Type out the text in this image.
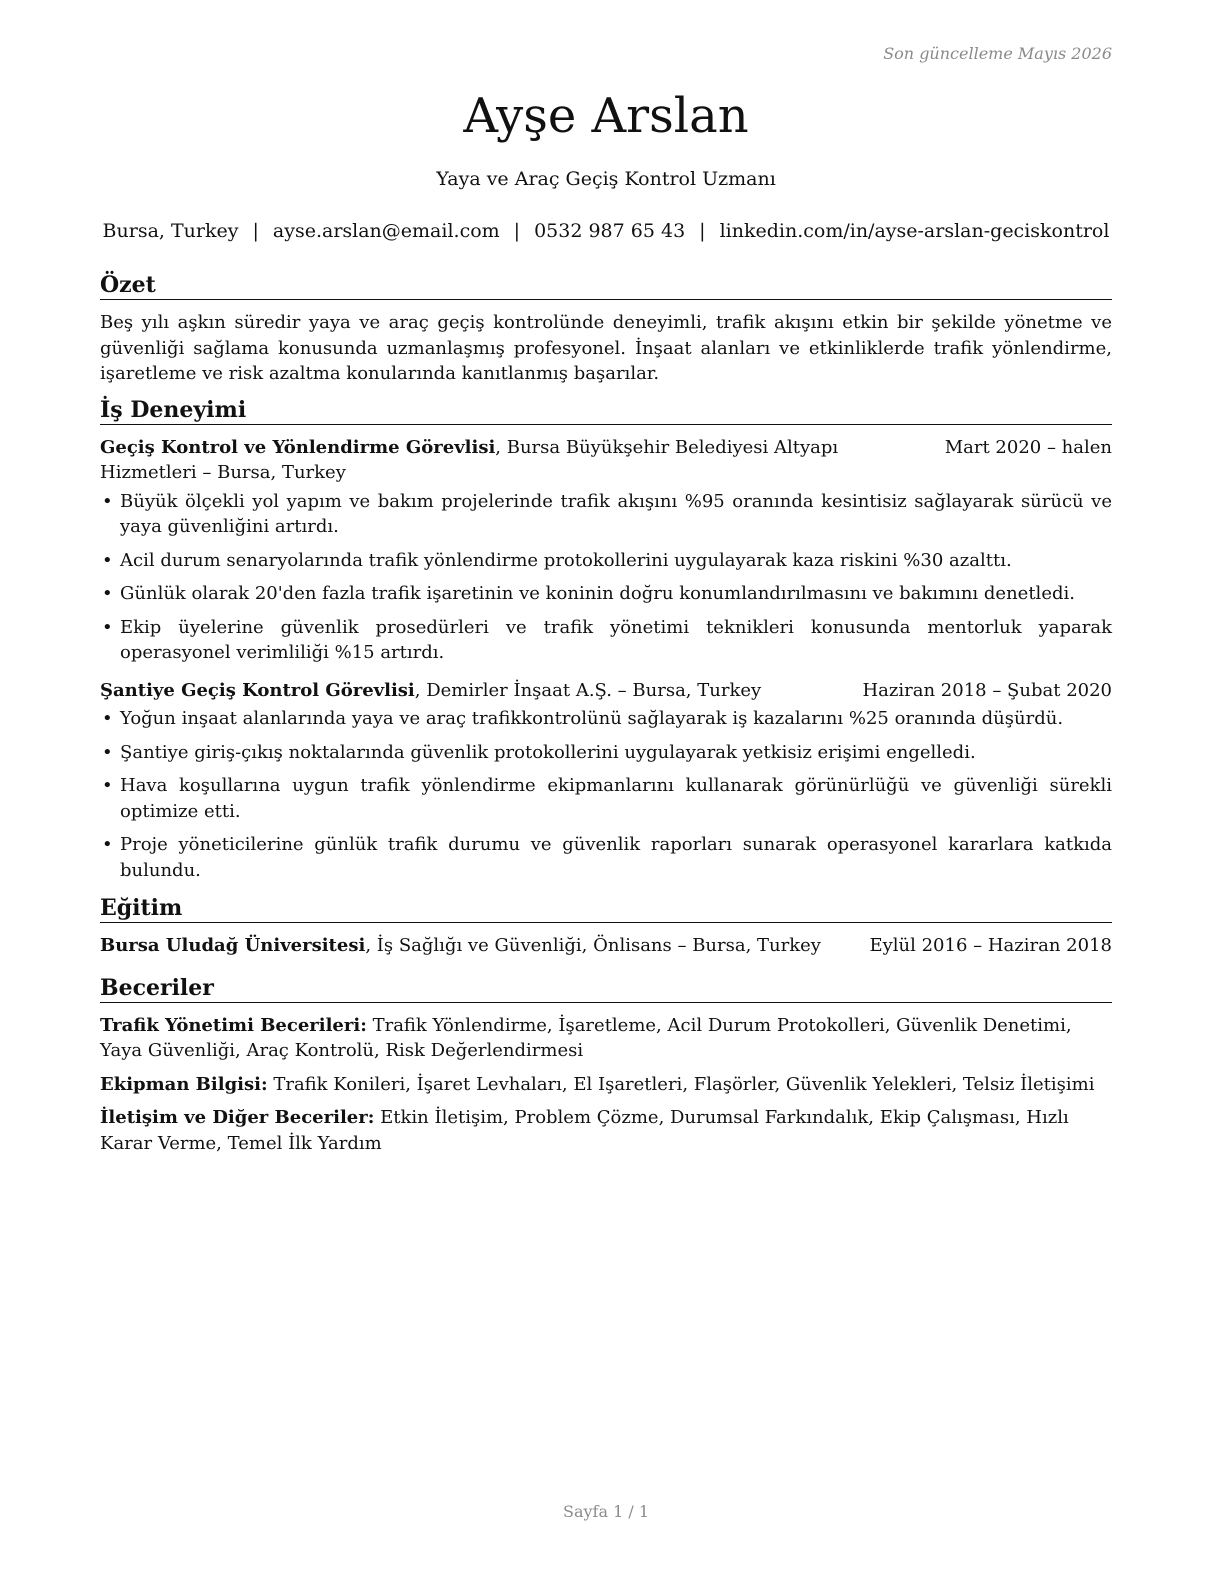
Son güncelleme Mayıs 2026
Ayşe Arslan
Yaya ve Araç Geçiş Kontrol Uzmanı
Bursa, Turkey | ayse.arslan@email.com | 0532 987 65 43 | linkedin.com/in/ayse-arslan-geciskontrol
Özet

Beş yılı aşkın süredir yaya ve araç geçiş kontrolünde deneyimli, trafik akışını etkin bir şekilde yönetme ve güvenliği sağlama konusunda uzmanlaşmış profesyonel. İnşaat alanları ve etkinliklerde trafik yönlendirme, işaretleme ve risk azaltma konularında kanıtlanmış başarılar.

İş Deneyimi
Geçiş Kontrol ve Yönlendirme Görevlisi, Bursa Büyükşehir Belediyesi Altyapı Hizmetleri – Bursa, Turkey
Mart 2020 – halen
• Büyük ölçekli yol yapım ve bakım projelerinde trafik akışını %95 oranında kesintisiz sağlayarak sürücü ve yaya güvenliğini artırdı.
• Acil durum senaryolarında trafik yönlendirme protokollerini uygulayarak kaza riskini %30 azalttı.
• Günlük olarak 20'den fazla trafik işaretinin ve koninin doğru konumlandırılmasını ve bakımını denetledi.
• Ekip üyelerine güvenlik prosedürleri ve trafik yönetimi teknikleri konusunda mentorluk yaparak operasyonel verimliliği %15 artırdı.
Şantiye Geçiş Kontrol Görevlisi, Demirler İnşaat A.Ş. – Bursa, Turkey	Haziran 2018 – Şubat 2020
• Yoğun inşaat alanlarında yaya ve araç trafikkontrolünü sağlayarak iş kazalarını %25 oranında düşürdü.
• Şantiye giriş-çıkış noktalarında güvenlik protokollerini uygulayarak yetkisiz erişimi engelledi.
• Hava koşullarına uygun trafik yönlendirme ekipmanlarını kullanarak görünürlüğü ve güvenliği sürekli optimize etti.
• Proje yöneticilerine günlük trafik durumu ve güvenlik raporları sunarak operasyonel kararlara katkıda bulundu.
Eğitim
Bursa Uludağ Üniversitesi, İş Sağlığı ve Güvenliği, Önlisans – Bursa, Turkey	Eylül 2016 – Haziran 2018
Beceriler
Trafik Yönetimi Becerileri: Trafik Yönlendirme, İşaretleme, Acil Durum Protokolleri, Güvenlik Denetimi, Yaya Güvenliği, Araç Kontrolü, Risk Değerlendirmesi
Ekipman Bilgisi: Trafik Konileri, İşaret Levhaları, El Işaretleri, Flaşörler, Güvenlik Yelekleri, Telsiz İletişimi
İletişim ve Diğer Beceriler: Etkin İletişim, Problem Çözme, Durumsal Farkındalık, Ekip Çalışması, Hızlı Karar Verme, Temel İlk Yardım
Sayfa 1 / 1
